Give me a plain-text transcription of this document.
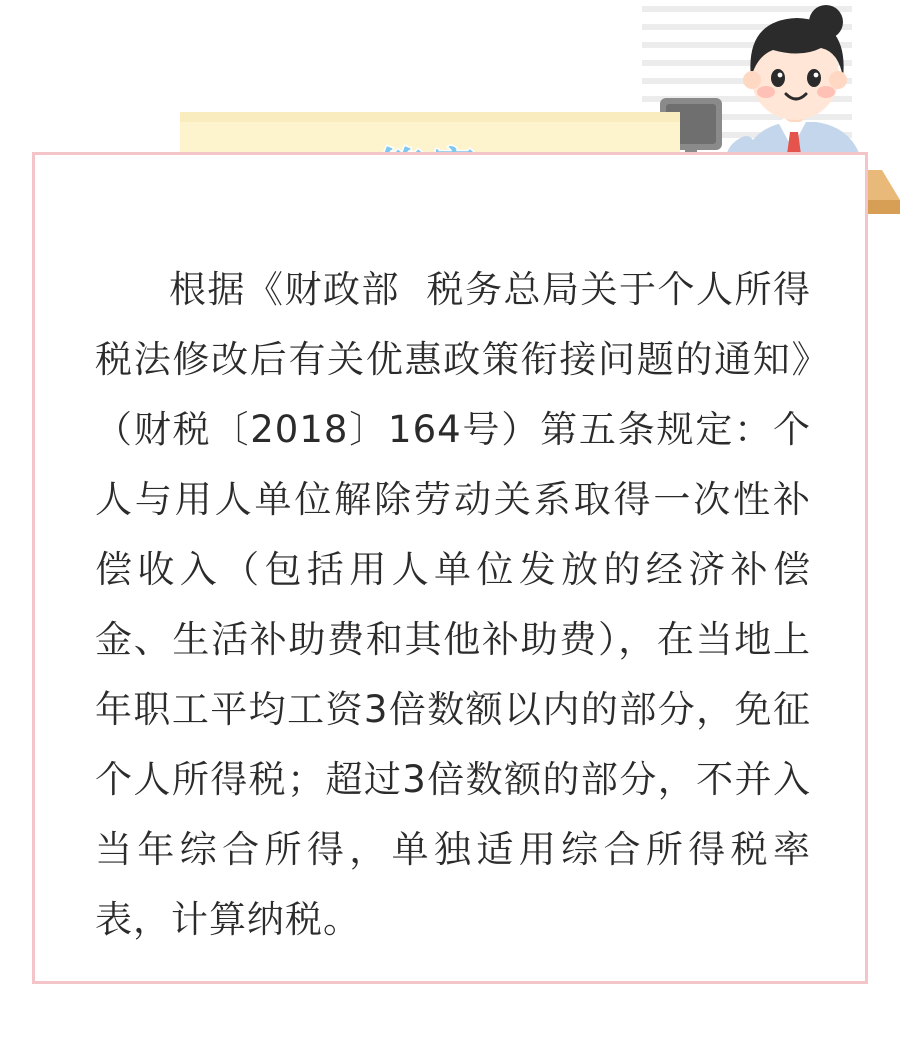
根据《财政部  税务总局关于个人所得税法修改后有关优惠政策衔接问题的通知》（财税〔2018〕164号）第五条规定：个人与用人单位解除劳动关系取得一次性补偿收入（包括用人单位发放的经济补偿金、生活补助费和其他补助费），在当地上年职工平均工资3倍数额以内的部分，免征个人所得税；超过3倍数额的部分，不并入当年综合所得，单独适用综合所得税率表，计算纳税。
